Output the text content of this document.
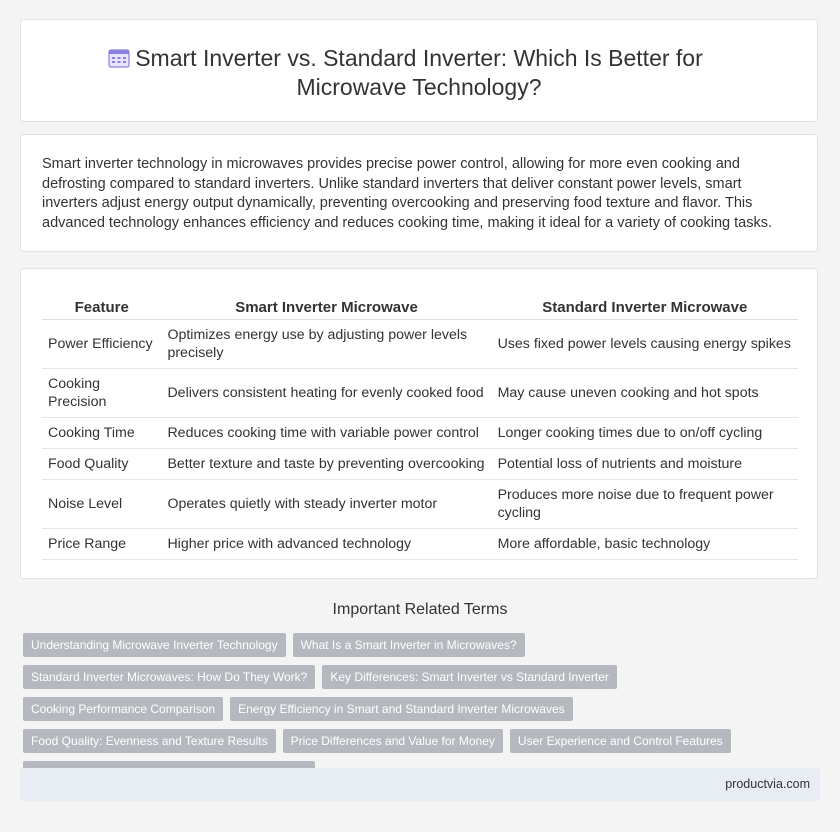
Smart Inverter vs. Standard Inverter: Which Is Better for Microwave Technology?

Smart inverter technology in microwaves provides precise power control, allowing for more even cooking and defrosting compared to standard inverters. Unlike standard inverters that deliver constant power levels, smart inverters adjust energy output dynamically, preventing overcooking and preserving food texture and flavor. This advanced technology enhances efficiency and reduces cooking time, making it ideal for a variety of cooking tasks.

Feature	Smart Inverter Microwave	Standard Inverter Microwave
Power Efficiency	Optimizes energy use by adjusting power levels precisely	Uses fixed power levels causing energy spikes
Cooking Precision	Delivers consistent heating for evenly cooked food	May cause uneven cooking and hot spots
Cooking Time	Reduces cooking time with variable power control	Longer cooking times due to on/off cycling
Food Quality	Better texture and taste by preventing overcooking	Potential loss of nutrients and moisture
Noise Level	Operates quietly with steady inverter motor	Produces more noise due to frequent power cycling
Price Range	Higher price with advanced technology	More affordable, basic technology
Important Related Terms
Understanding Microwave Inverter Technology	What Is a Smart Inverter in Microwaves?
Standard Inverter Microwaves: How Do They Work?	Key Differences: Smart Inverter vs Standard Inverter
Cooking Performance Comparison	Energy Efficiency in Smart and Standard Inverter Microwaves
Food Quality: Evenness and Texture Results	Price Differences and Value for Money	User Experience and Control Features
productvia.com
